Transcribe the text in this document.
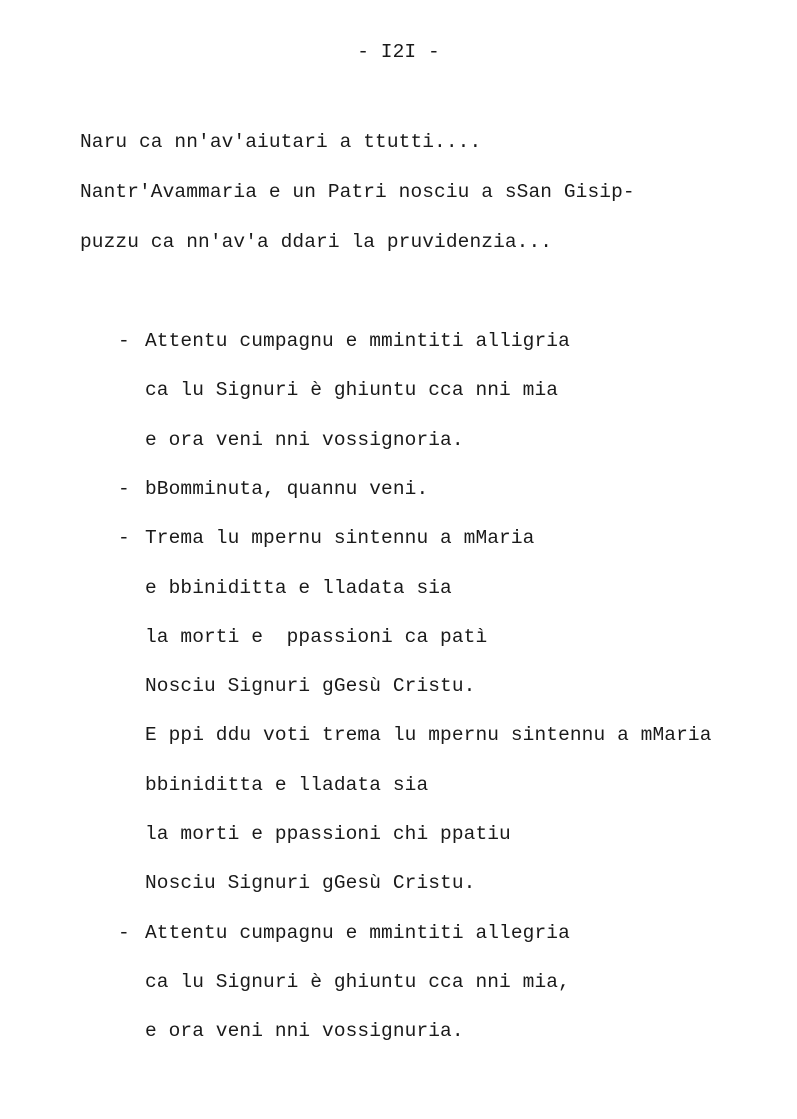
- I2I -
Naru ca nn'av'aiutari a ttutti....
Nantr'Avammaria e un Patri nosciu a sSan Gisip-
puzzu ca nn'av'a ddari la pruvidenzia...
- Attentu cumpagnu e mmintiti alligria
ca lu Signuri è ghiuntu cca nni mia
e ora veni nni vossignoria.
- bBomminuta, quannu veni.
- Trema lu mpernu sintennu a mMaria
e bbiniditta e lladata sia
la morti e  ppassioni ca patì
Nosciu Signuri gGesù Cristu.
E ppi ddu voti trema lu mpernu sintennu a mMaria
bbiniditta e lladata sia
la morti e ppassioni chi ppatiu
Nosciu Signuri gGesù Cristu.
- Attentu cumpagnu e mmintiti allegria
ca lu Signuri è ghiuntu cca nni mia,
e ora veni nni vossignuria.
